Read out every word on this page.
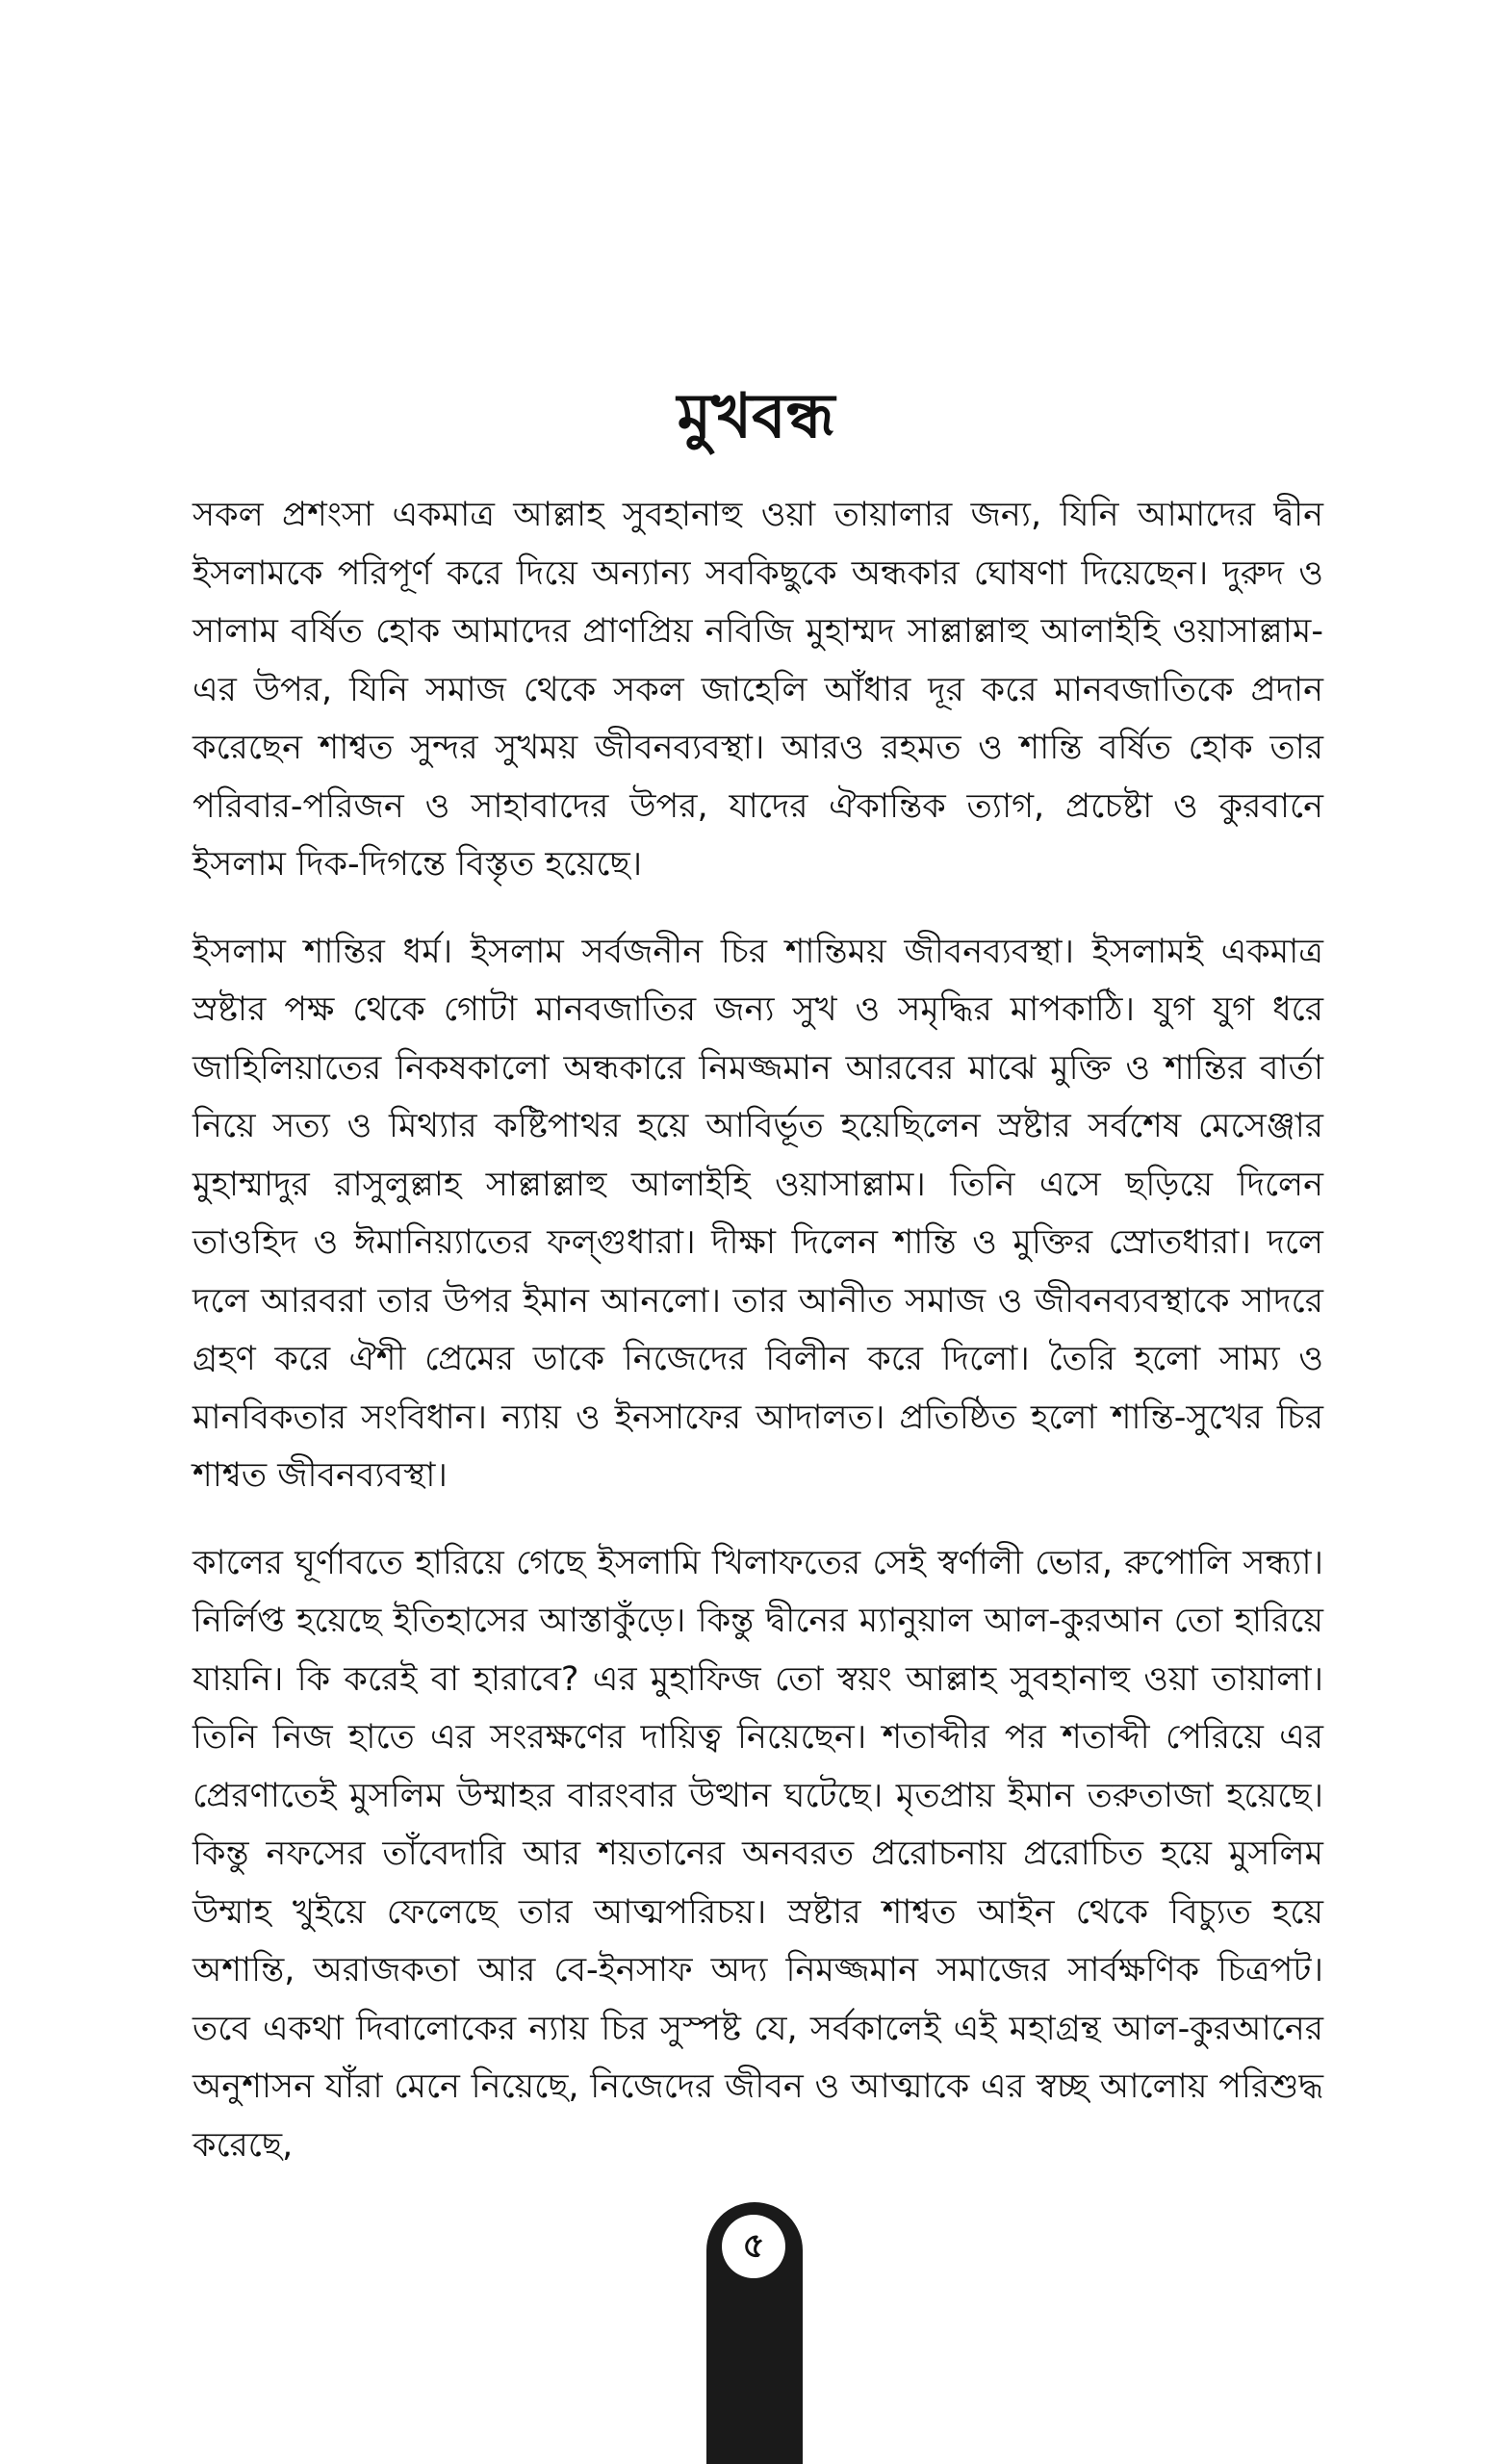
মুখবন্ধ

সকল প্রশংসা একমাত্র আল্লাহ সুবহানাহু ওয়া তায়ালার জন্য, যিনি আমাদের দ্বীন ইসলামকে পরিপূর্ণ করে দিয়ে অন্যান্য সবকিছুকে অন্ধকার ঘোষণা দিয়েছেন। দুরুদ ও সালাম বর্ষিত হোক আমাদের প্রাণপ্রিয় নবিজি মুহাম্মদ সাল্লাল্লাহু আলাইহি ওয়াসাল্লাম-এর উপর, যিনি সমাজ থেকে সকল জাহেলি আঁধার দূর করে মানবজাতিকে প্রদান করেছেন শাশ্বত সুন্দর সুখময় জীবনব্যবস্থা। আরও রহমত ও শান্তি বর্ষিত হোক তার পরিবার-পরিজন ও সাহাবাদের উপর, যাদের ঐকান্তিক ত্যাগ, প্রচেষ্টা ও কুরবানে ইসলাম দিক-দিগন্তে বিস্তৃত হয়েছে।

ইসলাম শান্তির ধর্ম। ইসলাম সর্বজনীন চির শান্তিময় জীবনব্যবস্থা। ইসলামই একমাত্র স্রষ্টার পক্ষ থেকে গোটা মানবজাতির জন্য সুখ ও সমৃদ্ধির মাপকাঠি। যুগ যুগ ধরে জাহিলিয়াতের নিকষকালো অন্ধকারে নিমজ্জমান আরবের মাঝে মুক্তি ও শান্তির বার্তা নিয়ে সত্য ও মিথ্যার কষ্টিপাথর হয়ে আবির্ভূত হয়েছিলেন স্রষ্টার সর্বশেষ মেসেঞ্জার মুহাম্মাদুর রাসুলুল্লাহ সাল্লাল্লাহু আলাইহি ওয়াসাল্লাম। তিনি এসে ছড়িয়ে দিলেন তাওহিদ ও ঈমানিয়্যাতের ফল্গুধারা। দীক্ষা দিলেন শান্তি ও মুক্তির স্রোতধারা। দলে দলে আরবরা তার উপর ইমান আনলো। তার আনীত সমাজ ও জীবনব্যবস্থাকে সাদরে গ্রহণ করে ঐশী প্রেমের ডাকে নিজেদের বিলীন করে দিলো। তৈরি হলো সাম্য ও মানবিকতার সংবিধান। ন্যায় ও ইনসাফের আদালত। প্রতিষ্ঠিত হলো শান্তি-সুখের চির শাশ্বত জীবনব্যবস্থা।

কালের ঘূর্ণাবতে হারিয়ে গেছে ইসলামি খিলাফতের সেই স্বর্ণালী ভোর, রুপোলি সন্ধ্যা। নির্লিপ্ত হয়েছে ইতিহাসের আস্তাকুঁড়ে। কিন্তু দ্বীনের ম্যানুয়াল আল-কুরআন তো হারিয়ে যায়নি। কি করেই বা হারাবে? এর মুহাফিজ তো স্বয়ং আল্লাহ সুবহানাহু ওয়া তায়ালা। তিনি নিজ হাতে এর সংরক্ষণের দায়িত্ব নিয়েছেন। শতাব্দীর পর শতাব্দী পেরিয়ে এর প্রেরণাতেই মুসলিম উম্মাহর বারংবার উত্থান ঘটেছে। মৃতপ্রায় ইমান তরুতাজা হয়েছে। কিন্তু নফসের তাঁবেদারি আর শয়তানের অনবরত প্ররোচনায় প্ররোচিত হয়ে মুসলিম উম্মাহ খুইয়ে ফেলেছে তার আত্মপরিচয়। স্রষ্টার শাশ্বত আইন থেকে বিচ্যুত হয়ে অশান্তি, অরাজকতা আর বে-ইনসাফ অদ্য নিমজ্জমান সমাজের সার্বক্ষণিক চিত্রপট। তবে একথা দিবালোকের ন্যায় চির সুস্পষ্ট যে, সর্বকালেই এই মহাগ্রন্থ আল-কুরআনের অনুশাসন যাঁরা মেনে নিয়েছে, নিজেদের জীবন ও আত্মাকে এর স্বচ্ছ আলোয় পরিশুদ্ধ করেছে,

৫
